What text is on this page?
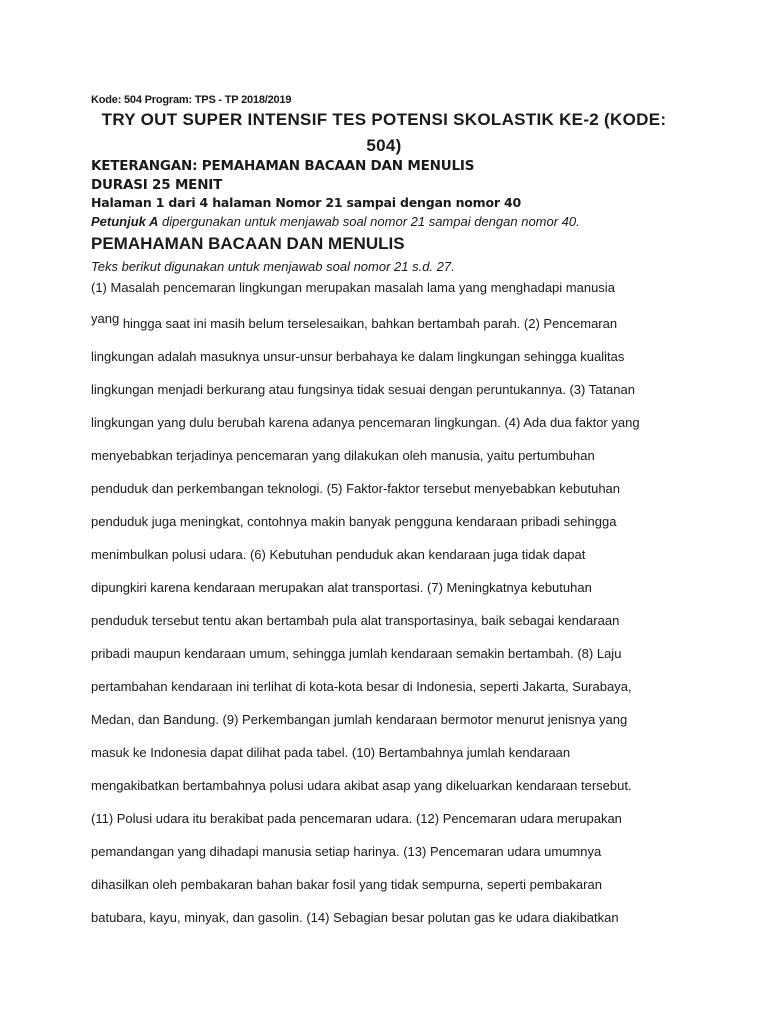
Kode: 504 Program: TPS - TP 2018/2019
TRY OUT SUPER INTENSIF TES POTENSI SKOLASTIK KE-2 (KODE:
504)
KETERANGAN: PEMAHAMAN BACAAN DAN MENULIS
DURASI 25 MENIT
Halaman 1 dari 4 halaman Nomor 21 sampai dengan nomor 40
Petunjuk A dipergunakan untuk menjawab soal nomor 21 sampai dengan nomor 40.
PEMAHAMAN BACAAN DAN MENULIS
Teks berikut digunakan untuk menjawab soal nomor 21 s.d. 27.
(1) Masalah pencemaran lingkungan merupakan masalah lama yang menghadapi manusia
yang hingga saat ini masih belum terselesaikan, bahkan bertambah parah. (2) Pencemaran
lingkungan adalah masuknya unsur-unsur berbahaya ke dalam lingkungan sehingga kualitas
lingkungan menjadi berkurang atau fungsinya tidak sesuai dengan peruntukannya. (3) Tatanan
lingkungan yang dulu berubah karena adanya pencemaran lingkungan. (4) Ada dua faktor yang
menyebabkan terjadinya pencemaran yang dilakukan oleh manusia, yaitu pertumbuhan
penduduk dan perkembangan teknologi. (5) Faktor-faktor tersebut menyebabkan kebutuhan
penduduk juga meningkat, contohnya makin banyak pengguna kendaraan pribadi sehingga
menimbulkan polusi udara. (6) Kebutuhan penduduk akan kendaraan juga tidak dapat
dipungkiri karena kendaraan merupakan alat transportasi. (7) Meningkatnya kebutuhan
penduduk tersebut tentu akan bertambah pula alat transportasinya, baik sebagai kendaraan
pribadi maupun kendaraan umum, sehingga jumlah kendaraan semakin bertambah. (8) Laju
pertambahan kendaraan ini terlihat di kota-kota besar di Indonesia, seperti Jakarta, Surabaya,
Medan, dan Bandung. (9) Perkembangan jumlah kendaraan bermotor menurut jenisnya yang
masuk ke Indonesia dapat dilihat pada tabel. (10) Bertambahnya jumlah kendaraan
mengakibatkan bertambahnya polusi udara akibat asap yang dikeluarkan kendaraan tersebut.
(11) Polusi udara itu berakibat pada pencemaran udara. (12) Pencemaran udara merupakan
pemandangan yang dihadapi manusia setiap harinya. (13) Pencemaran udara umumnya
dihasilkan oleh pembakaran bahan bakar fosil yang tidak sempurna, seperti pembakaran
batubara, kayu, minyak, dan gasolin. (14) Sebagian besar polutan gas ke udara diakibatkan
